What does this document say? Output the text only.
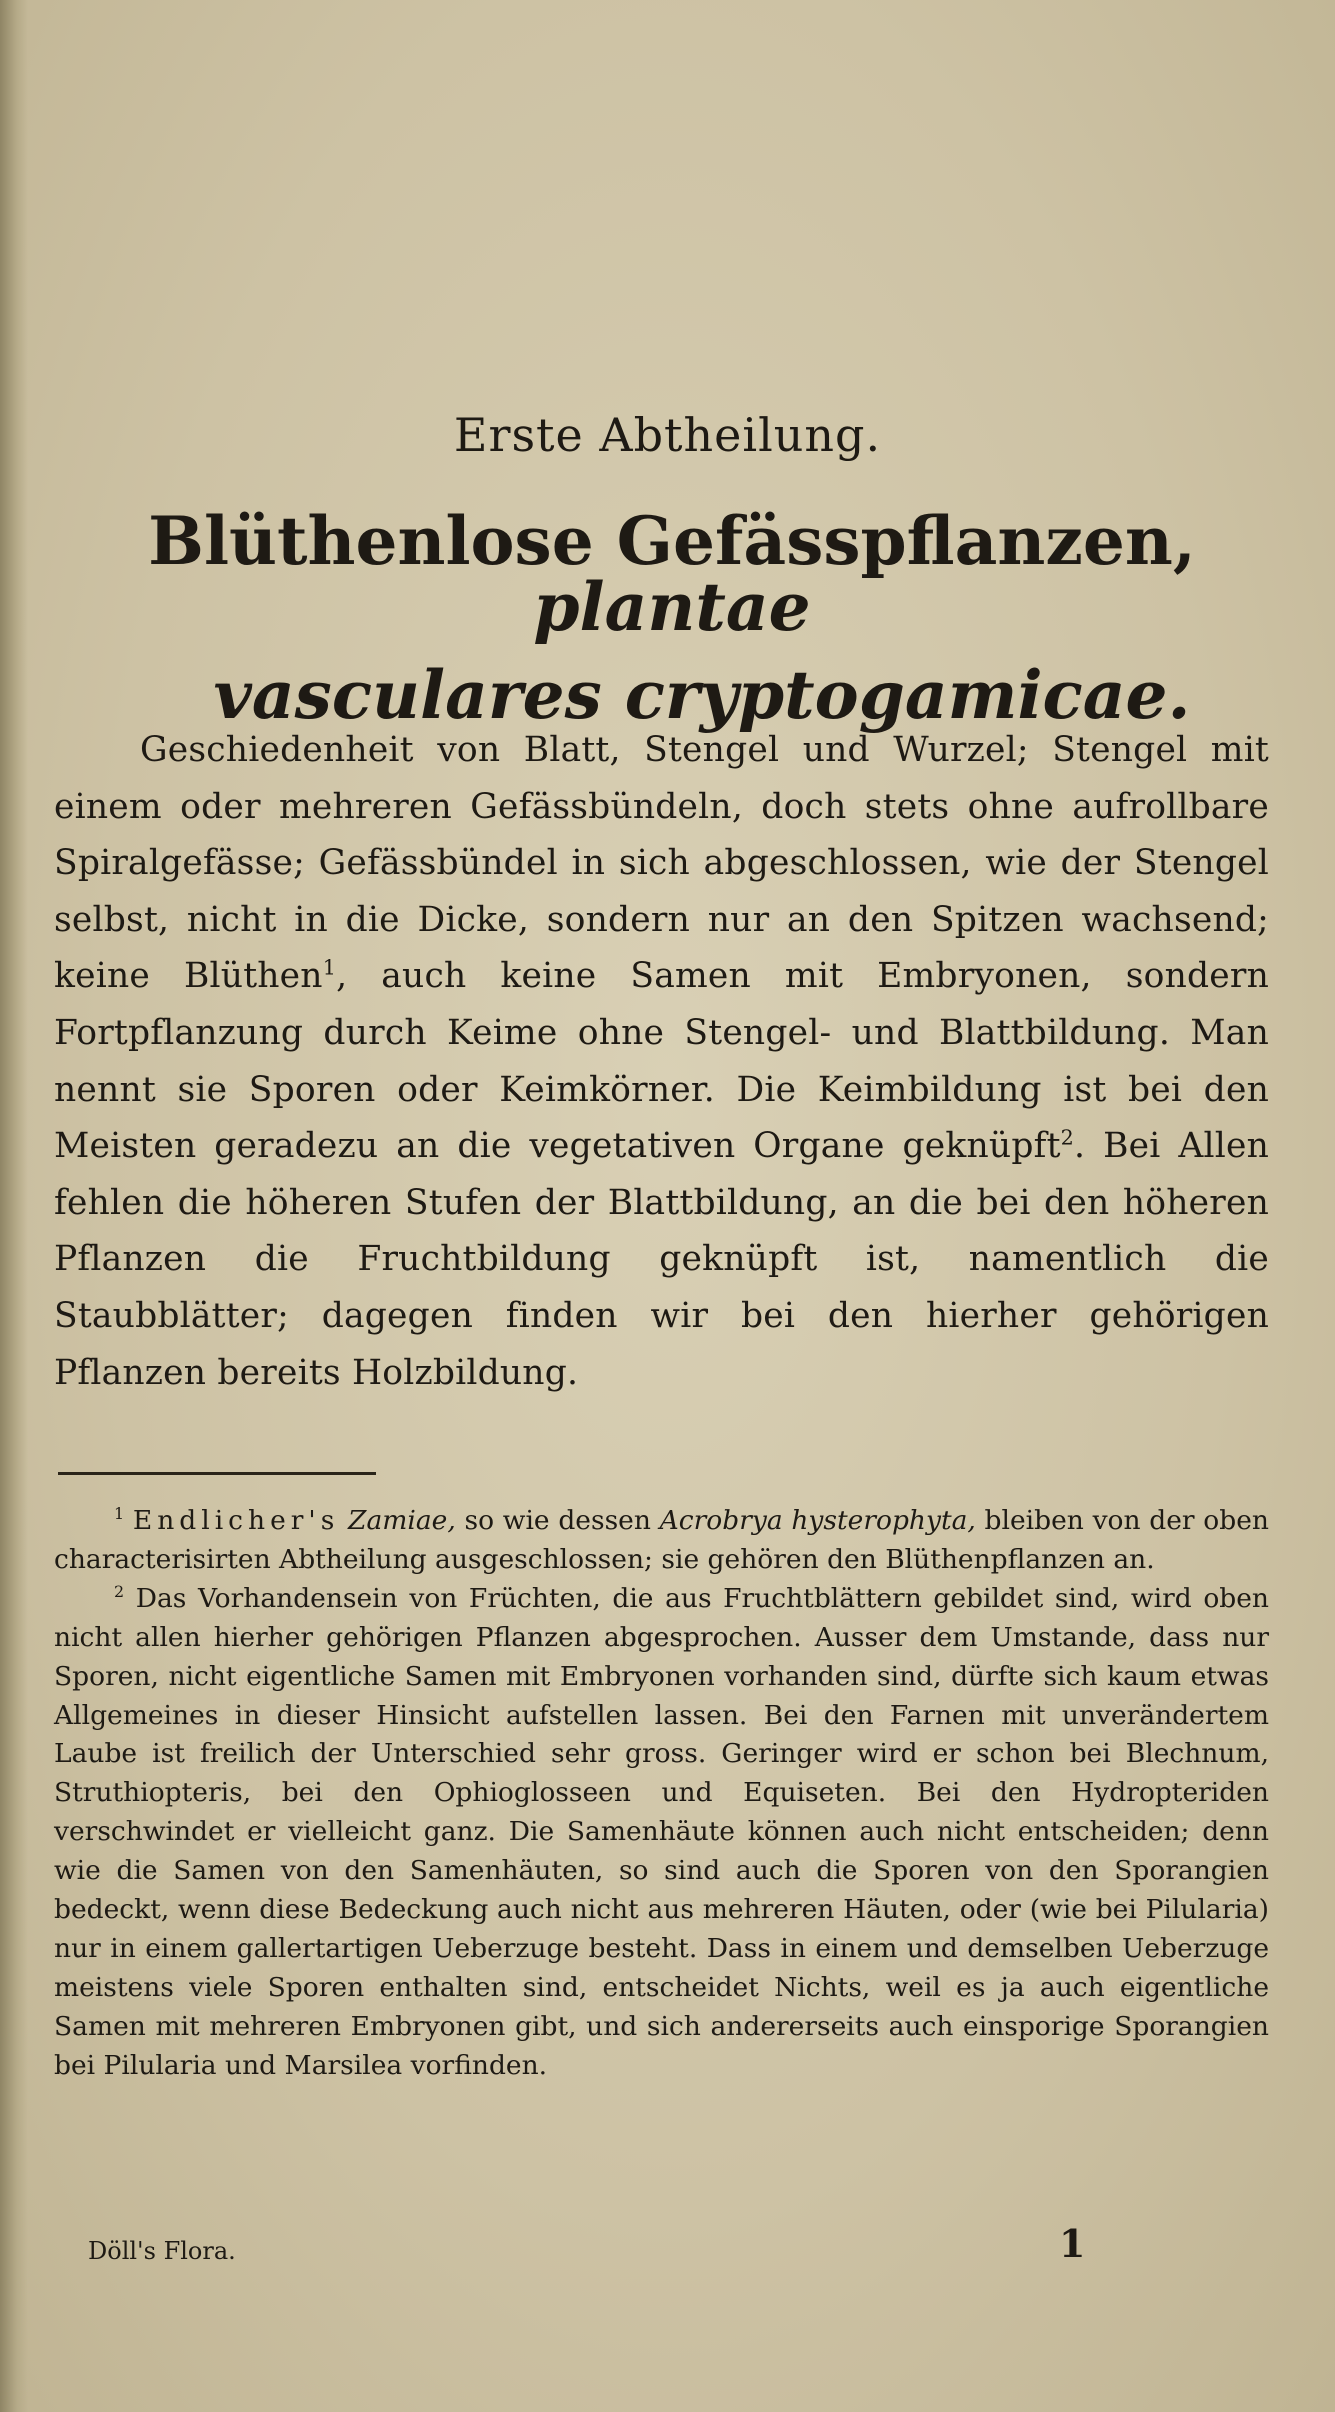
Erste Abtheilung.
Blüthenlose Gefässpflanzen, plantae
vasculares cryptogamicae.

Geschiedenheit von Blatt, Stengel und Wurzel; Stengel mit einem oder mehreren Gefässbündeln, doch stets ohne aufrollbare Spiralgefässe; Gefässbündel in sich abgeschlossen, wie der Stengel selbst, nicht in die Dicke, sondern nur an den Spitzen wachsend; keine Blüthen$^1$, auch keine Samen mit Embryonen, sondern Fortpflanzung durch Keime ohne Stengel- und Blattbildung. Man nennt sie Sporen oder Keimkörner. Die Keimbildung ist bei den Meisten geradezu an die vegetativen Organe geknüpft$^2$. Bei Allen fehlen die höheren Stufen der Blattbildung, an die bei den höheren Pflanzen die Fruchtbildung geknüpft ist, namentlich die Staubblätter; dagegen finden wir bei den hierher gehörigen Pflanzen bereits Holzbildung.

$^1$ Endlicher's Zamiae, so wie dessen Acrobrya hysterophyta, bleiben von der oben characterisirten Abtheilung ausgeschlossen; sie gehören den Blüthenpflanzen an.

$^2$ Das Vorhandensein von Früchten, die aus Fruchtblättern gebildet sind, wird oben nicht allen hierher gehörigen Pflanzen abgesprochen. Ausser dem Umstande, dass nur Sporen, nicht eigentliche Samen mit Embryonen vorhanden sind, dürfte sich kaum etwas Allgemeines in dieser Hinsicht aufstellen lassen. Bei den Farnen mit unverändertem Laube ist freilich der Unterschied sehr gross. Geringer wird er schon bei Blechnum, Struthiopteris, bei den Ophioglosseen und Equiseten. Bei den Hydropteriden verschwindet er vielleicht ganz. Die Samenhäute können auch nicht entscheiden; denn wie die Samen von den Samenhäuten, so sind auch die Sporen von den Sporangien bedeckt, wenn diese Bedeckung auch nicht aus mehreren Häuten, oder (wie bei Pilularia) nur in einem gallertartigen Ueberzuge besteht. Dass in einem und demselben Ueberzuge meistens viele Sporen enthalten sind, entscheidet Nichts, weil es ja auch eigentliche Samen mit mehreren Embryonen gibt, und sich andererseits auch einsporige Sporangien bei Pilularia und Marsilea vorfinden.

Döll's Flora.	1
